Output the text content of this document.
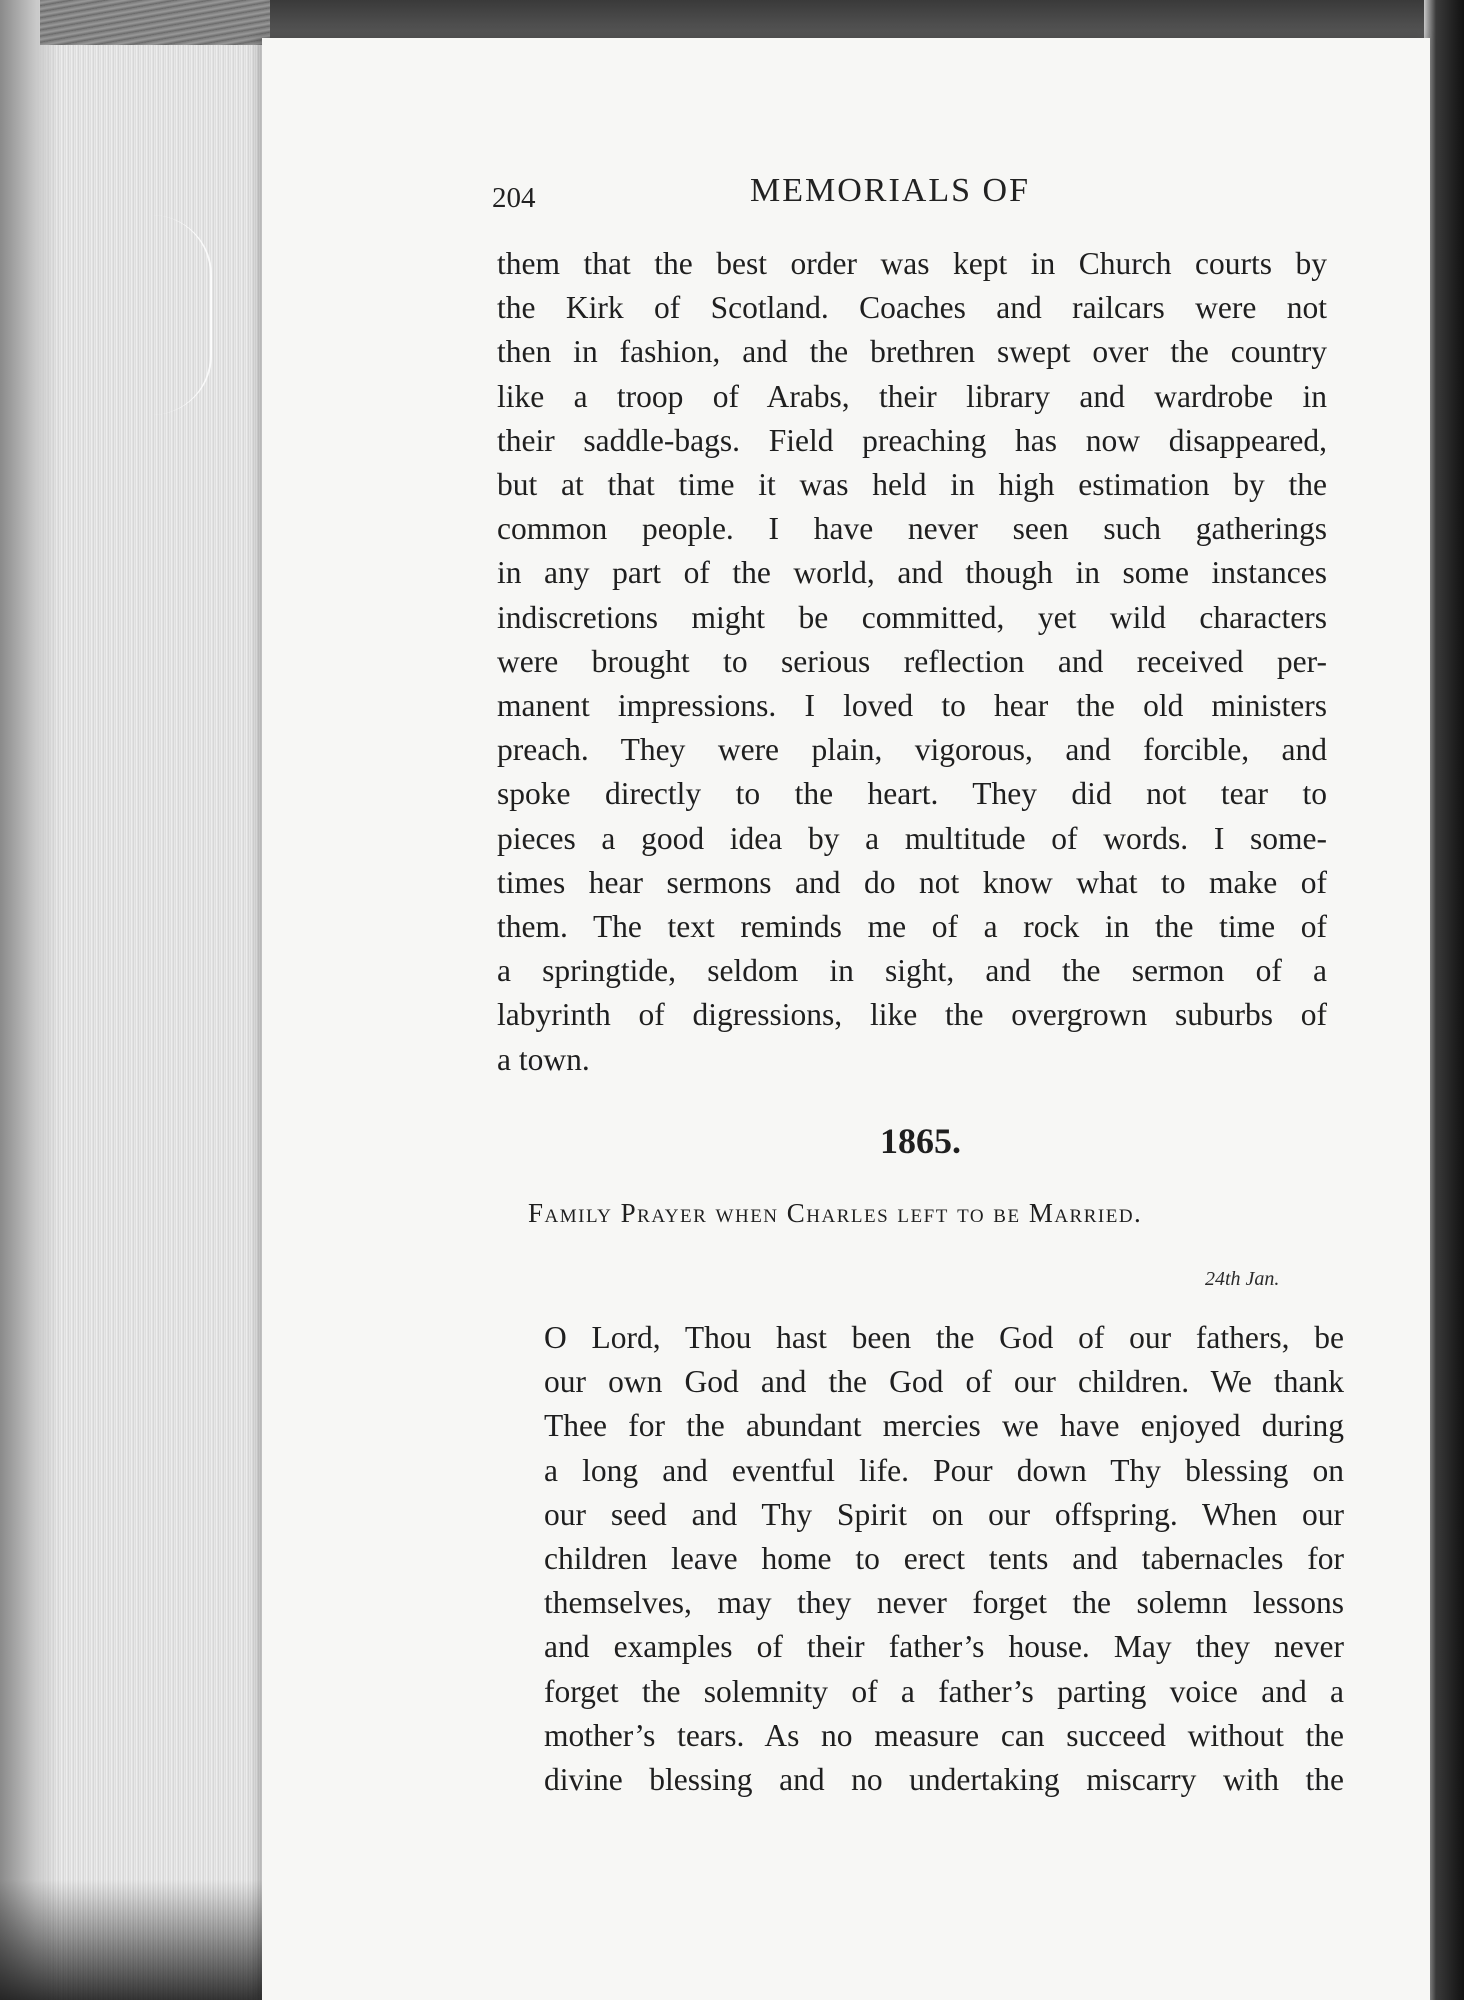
204	MEMORIALS OF
them that the best order was kept in Church courts by
the Kirk of Scotland. Coaches and railcars were not
then in fashion, and the brethren swept over the country
like a troop of Arabs, their library and wardrobe in
their saddle-bags. Field preaching has now disappeared,
but at that time it was held in high estimation by the
common people. I have never seen such gatherings
in any part of the world, and though in some instances
indiscretions might be committed, yet wild characters
were brought to serious reflection and received per-
manent impressions. I loved to hear the old ministers
preach. They were plain, vigorous, and forcible, and
spoke directly to the heart. They did not tear to
pieces a good idea by a multitude of words. I some-
times hear sermons and do not know what to make of
them. The text reminds me of a rock in the time of
a springtide, seldom in sight, and the sermon of a
labyrinth of digressions, like the overgrown suburbs of
a town.
1865.
Family Prayer when Charles left to be Married.
24th Jan.
O Lord, Thou hast been the God of our fathers, be
our own God and the God of our children. We thank
Thee for the abundant mercies we have enjoyed during
a long and eventful life. Pour down Thy blessing on
our seed and Thy Spirit on our offspring. When our
children leave home to erect tents and tabernacles for
themselves, may they never forget the solemn lessons
and examples of their father’s house. May they never
forget the solemnity of a father’s parting voice and a
mother’s tears. As no measure can succeed without the
divine blessing and no undertaking miscarry with the
